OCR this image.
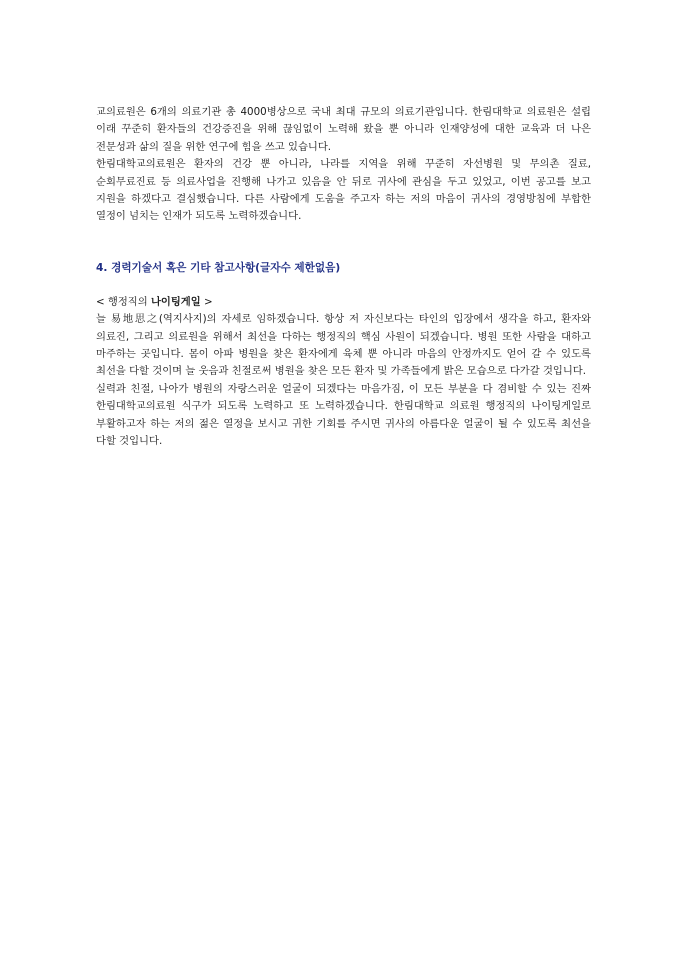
교의료원은 6개의 의료기관 총 4000병상으로 국내 최대 규모의 의료기관입니다. 한림대학교 의료원은 설립 이래 꾸준히 환자들의 건강증진을 위해 끊임없이 노력해 왔을 뿐 아니라 인재양성에 대한 교육과 더 나은 전문성과 삶의 질을 위한 연구에 힘을 쓰고 있습니다.

한림대학교의료원은 환자의 건강 뿐 아니라, 나라를 지역을 위해 꾸준히 자선병원 및 무의촌 질료, 순회무료진료 등 의료사업을 진행해 나가고 있음을 안 뒤로 귀사에 관심을 두고 있었고, 이번 공고를 보고 지원을 하겠다고 결심했습니다. 다른 사람에게 도움을 주고자 하는 저의 마음이 귀사의 경영방침에 부합한 열정이 넘치는 인재가 되도록 노력하겠습니다.

4. 경력기술서 혹은 기타 참고사항(글자수 제한없음)
< 행정직의 나이팅게일 >

늘 易地思之(역지사지)의 자세로 임하겠습니다. 항상 저 자신보다는 타인의 입장에서 생각을 하고, 환자와 의료진, 그리고 의료원을 위해서 최선을 다하는 행정직의 핵심 사원이 되겠습니다. 병원 또한 사람을 대하고 마주하는 곳입니다. 몸이 아파 병원을 찾은 환자에게 육체 뿐 아니라 마음의 안정까지도 얻어 갈 수 있도록 최선을 다할 것이며 늘 웃음과 친절로써 병원을 찾은 모든 환자 및 가족들에게 밝은 모습으로 다가갈 것입니다.

실력과 친절, 나아가 병원의 자랑스러운 얼굴이 되겠다는 마음가짐, 이 모든 부분을 다 겸비할 수 있는 진짜 한림대학교의료원 식구가 되도록 노력하고 또 노력하겠습니다. 한림대학교 의료원 행정직의 나이팅게일로 부활하고자 하는 저의 젊은 열정을 보시고 귀한 기회를 주시면 귀사의 아름다운 얼굴이 될 수 있도록 최선을 다할 것입니다.
